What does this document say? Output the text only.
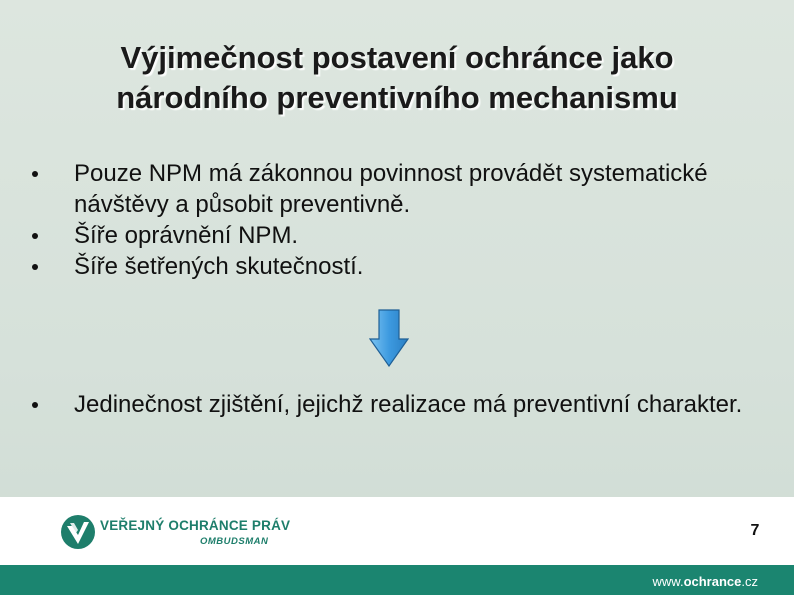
Výjimečnost postavení ochránce jako
národního preventivního mechanismu
Pouze NPM má zákonnou povinnost provádět systematické návštěvy a působit preventivně.
Šíře oprávnění NPM.
Šíře šetřených skutečností.
Jedinečnost zjištění, jejichž realizace má preventivní charakter.
VEŘEJNÝ OCHRÁNCE PRÁV
OMBUDSMAN
7
www.ochrance.cz
